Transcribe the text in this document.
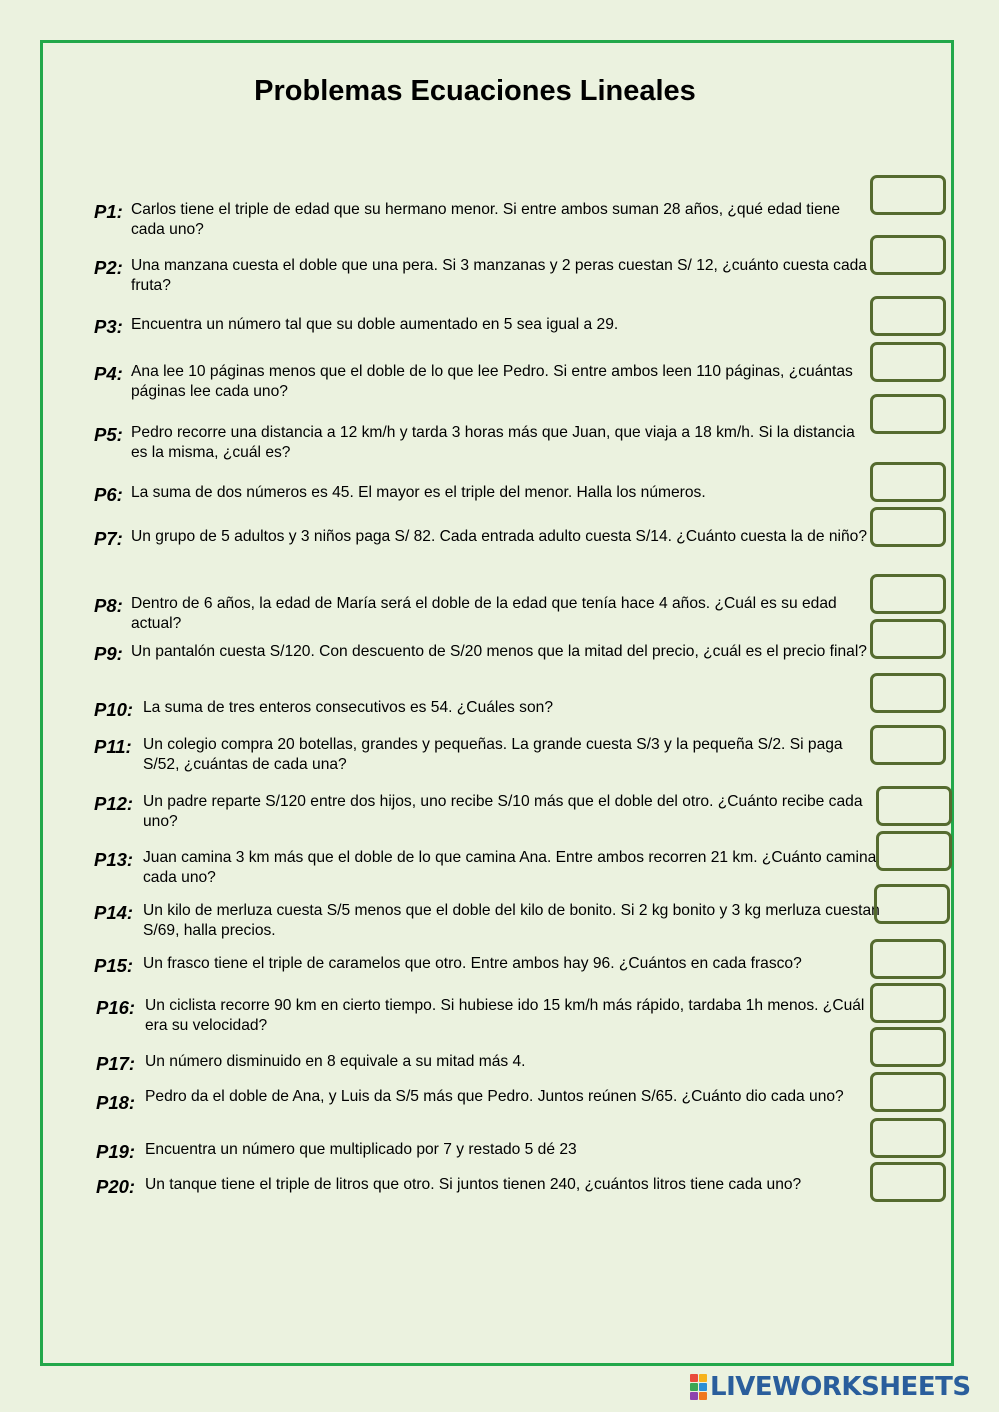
Problemas Ecuaciones Lineales
P1: Carlos tiene el triple de edad que su hermano menor. Si entre ambos suman 28 años, ¿qué edad tiene cada uno?
P2: Una manzana cuesta el doble que una pera. Si 3 manzanas y 2 peras cuestan S/ 12, ¿cuánto cuesta cada fruta?
P3: Encuentra un número tal que su doble aumentado en 5 sea igual a 29.
P4: Ana lee 10 páginas menos que el doble de lo que lee Pedro. Si entre ambos leen 110 páginas, ¿cuántas páginas lee cada uno?
P5: Pedro recorre una distancia a 12 km/h y tarda 3 horas más que Juan, que viaja a 18 km/h. Si la distancia es la misma, ¿cuál es?
P6: La suma de dos números es 45. El mayor es el triple del menor. Halla los números.
P7: Un grupo de 5 adultos y 3 niños paga S/ 82. Cada entrada adulto cuesta S/14. ¿Cuánto cuesta la de niño?
P8: Dentro de 6 años, la edad de María será el doble de la edad que tenía hace 4 años. ¿Cuál es su edad actual?
P9: Un pantalón cuesta S/120. Con descuento de S/20 menos que la mitad del precio, ¿cuál es el precio final?
P10: La suma de tres enteros consecutivos es 54. ¿Cuáles son?
P11: Un colegio compra 20 botellas, grandes y pequeñas. La grande cuesta S/3 y la pequeña S/2. Si paga S/52, ¿cuántas de cada una?
P12: Un padre reparte S/120 entre dos hijos, uno recibe S/10 más que el doble del otro. ¿Cuánto recibe cada uno?
P13: Juan camina 3 km más que el doble de lo que camina Ana. Entre ambos recorren 21 km. ¿Cuánto camina cada uno?
P14: Un kilo de merluza cuesta S/5 menos que el doble del kilo de bonito. Si 2 kg bonito y 3 kg merluza cuestan S/69, halla precios.
P15: Un frasco tiene el triple de caramelos que otro. Entre ambos hay 96. ¿Cuántos en cada frasco?
P16: Un ciclista recorre 90 km en cierto tiempo. Si hubiese ido 15 km/h más rápido, tardaba 1h menos. ¿Cuál era su velocidad?
P17: Un número disminuido en 8 equivale a su mitad más 4.
P18: Pedro da el doble de Ana, y Luis da S/5 más que Pedro. Juntos reúnen S/65. ¿Cuánto dio cada uno?
P19: Encuentra un número que multiplicado por 7 y restado 5 dé 23
P20: Un tanque tiene el triple de litros que otro. Si juntos tienen 240, ¿cuántos litros tiene cada uno?
LIVEWORKSHEETS
